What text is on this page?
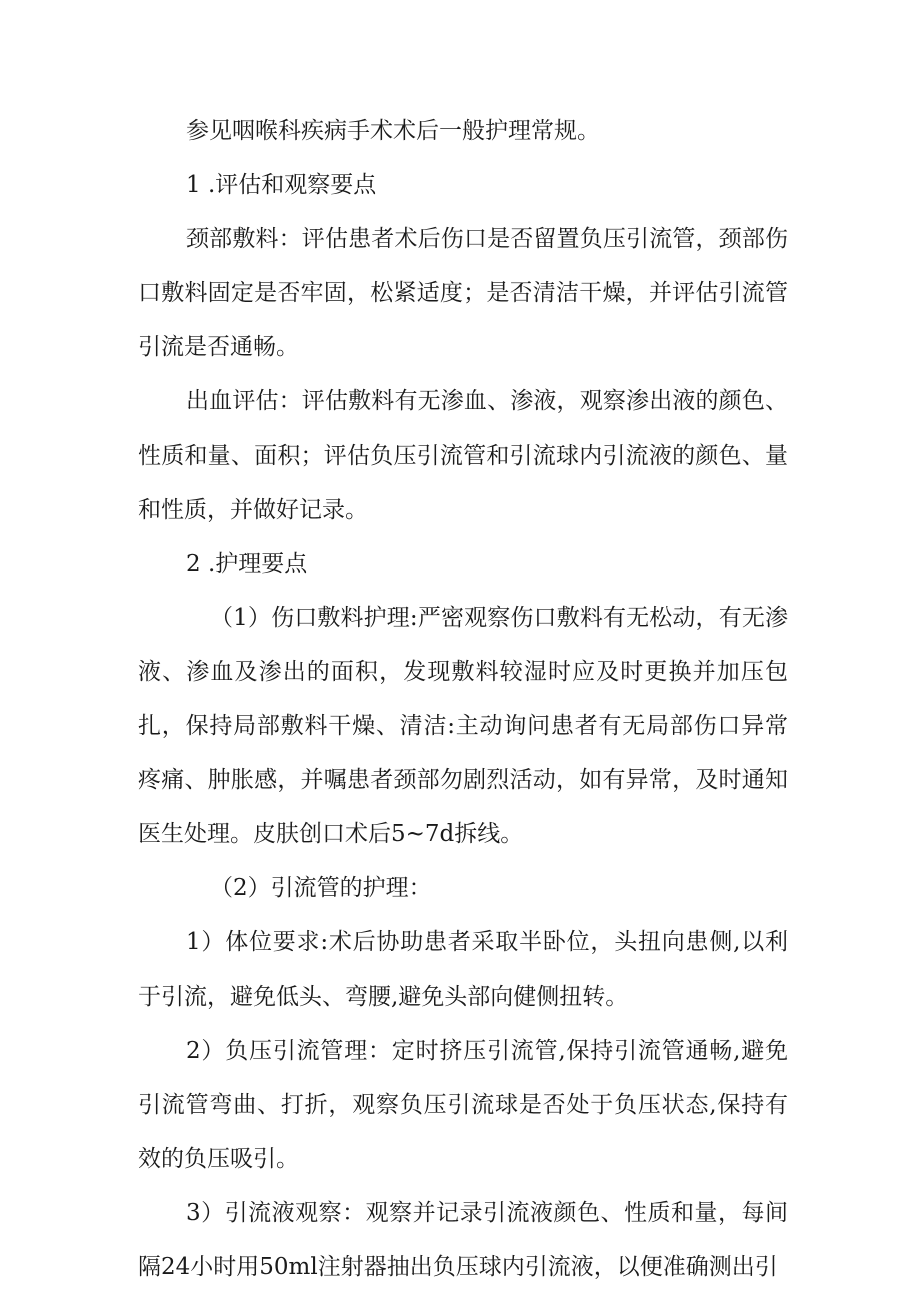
参见咽喉科疾病手术术后一般护理常规。

1 .评估和观察要点

颈部敷料：评估患者术后伤口是否留置负压引流管，颈部伤口敷料固定是否牢固，松紧适度；是否清洁干燥，并评估引流管引流是否通畅。

出血评估：评估敷料有无渗血、渗液，观察渗出液的颜色、性质和量、面积；评估负压引流管和引流球内引流液的颜色、量和性质，并做好记录。

2 .护理要点

（1）伤口敷料护理:严密观察伤口敷料有无松动，有无渗液、渗血及渗出的面积，发现敷料较湿时应及时更换并加压包扎，保持局部敷料干燥、清洁:主动询问患者有无局部伤口异常疼痛、肿胀感，并嘱患者颈部勿剧烈活动，如有异常，及时通知医生处理。皮肤创口术后5~7d拆线。

（2）引流管的护理：

1）体位要求:术后协助患者采取半卧位，头扭向患侧,以利于引流，避免低头、弯腰,避免头部向健侧扭转。

2）负压引流管理：定时挤压引流管,保持引流管通畅,避免引流管弯曲、打折，观察负压引流球是否处于负压状态,保持有效的负压吸引。

3）引流液观察：观察并记录引流液颜色、性质和量，每间隔24小时用50ml注射器抽出负压球内引流液，以便准确测出引
